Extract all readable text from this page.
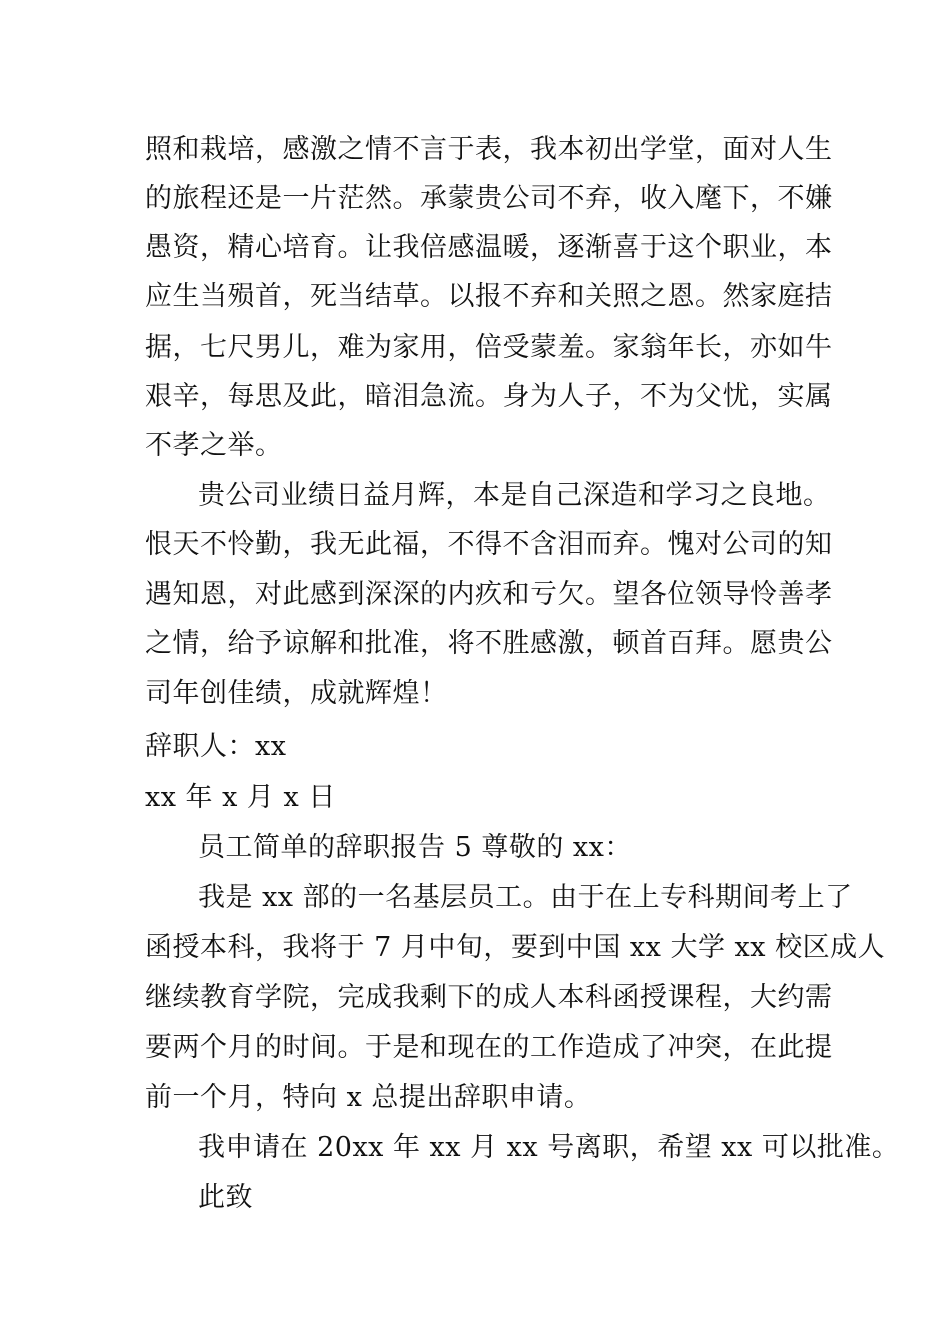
照和栽培，感激之情不言于表，我本初出学堂，面对人生
的旅程还是一片茫然。承蒙贵公司不弃，收入麾下，不嫌
愚资，精心培育。让我倍感温暖，逐渐喜于这个职业，本
应生当殒首，死当结草。以报不弃和关照之恩。然家庭拮
据，七尺男儿，难为家用，倍受蒙羞。家翁年长，亦如牛
艰辛，每思及此，暗泪急流。身为人子，不为父忧，实属
不孝之举。
贵公司业绩日益月辉，本是自己深造和学习之良地。
恨天不怜勤，我无此福，不得不含泪而弃。愧对公司的知
遇知恩，对此感到深深的内疚和亏欠。望各位领导怜善孝
之情，给予谅解和批准，将不胜感激，顿首百拜。愿贵公
司年创佳绩，成就辉煌！
辞职人：xx
xx 年 x 月 x 日
员工简单的辞职报告 5 尊敬的 xx：
我是 xx 部的一名基层员工。由于在上专科期间考上了
函授本科，我将于 7 月中旬，要到中国 xx 大学 xx 校区成人
继续教育学院，完成我剩下的成人本科函授课程，大约需
要两个月的时间。于是和现在的工作造成了冲突，在此提
前一个月，特向 x 总提出辞职申请。
我申请在 20xx 年 xx 月 xx 号离职，希望 xx 可以批准。
此致
